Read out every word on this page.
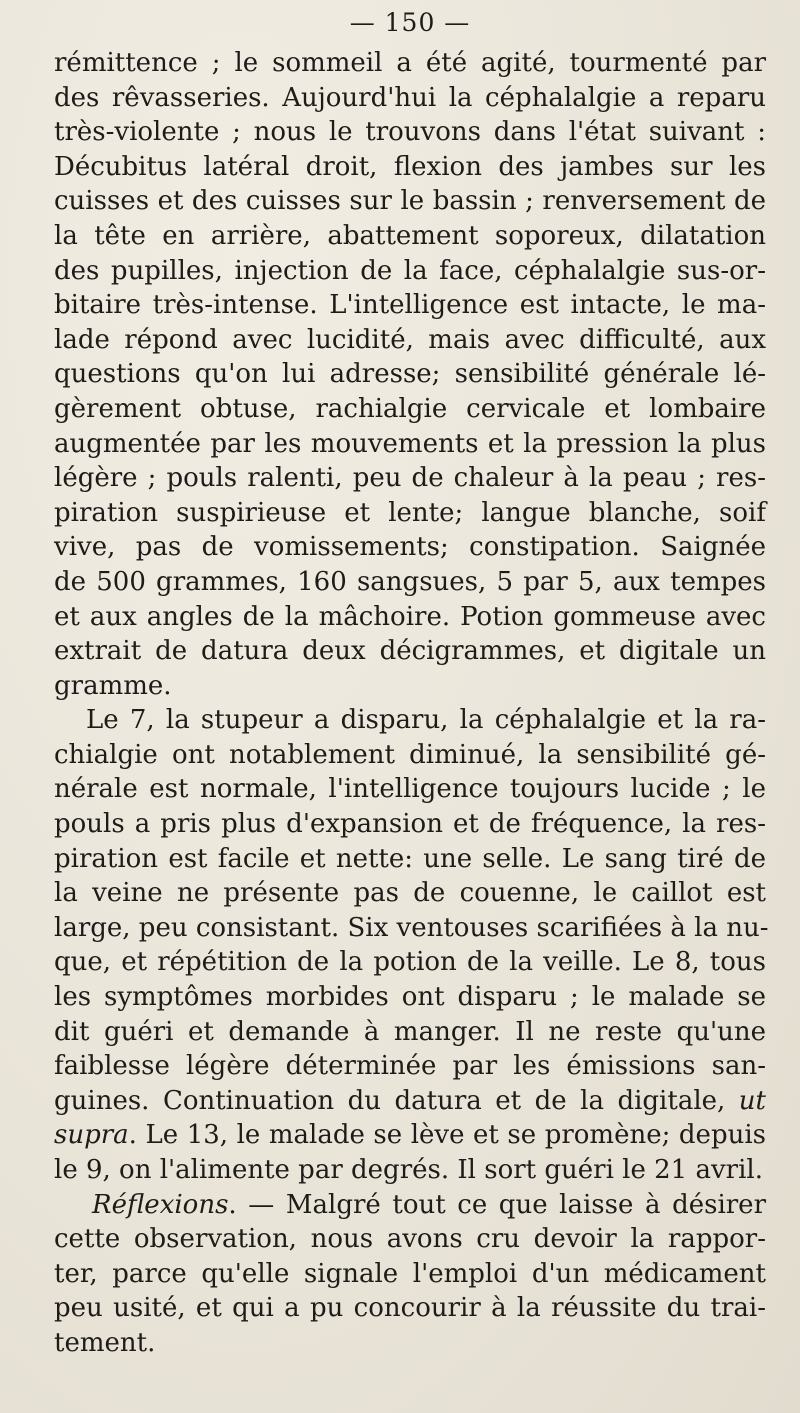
— 150 —
rémittence ; le sommeil a été agité, tourmenté par
des rêvasseries. Aujourd'hui la céphalalgie a reparu
très-violente ; nous le trouvons dans l'état suivant :
Décubitus latéral droit, flexion des jambes sur les
cuisses et des cuisses sur le bassin ; renversement de
la tête en arrière, abattement soporeux, dilatation
des pupilles, injection de la face, céphalalgie sus-or-
bitaire très-intense. L'intelligence est intacte, le ma-
lade répond avec lucidité, mais avec difficulté, aux
questions qu'on lui adresse; sensibilité générale lé-
gèrement obtuse, rachialgie cervicale et lombaire
augmentée par les mouvements et la pression la plus
légère ; pouls ralenti, peu de chaleur à la peau ; res-
piration suspirieuse et lente; langue blanche, soif
vive, pas de vomissements; constipation. Saignée
de 500 grammes, 160 sangsues, 5 par 5, aux tempes
et aux angles de la mâchoire. Potion gommeuse avec
extrait de datura deux décigrammes, et digitale un
gramme.
Le 7, la stupeur a disparu, la céphalalgie et la ra-
chialgie ont notablement diminué, la sensibilité gé-
nérale est normale, l'intelligence toujours lucide ; le
pouls a pris plus d'expansion et de fréquence, la res-
piration est facile et nette: une selle. Le sang tiré de
la veine ne présente pas de couenne, le caillot est
large, peu consistant. Six ventouses scarifiées à la nu-
que, et répétition de la potion de la veille. Le 8, tous
les symptômes morbides ont disparu ; le malade se
dit guéri et demande à manger. Il ne reste qu'une
faiblesse légère déterminée par les émissions san-
guines. Continuation du datura et de la digitale, ut
supra. Le 13, le malade se lève et se promène; depuis
le 9, on l'alimente par degrés. Il sort guéri le 21 avril.
Réflexions. — Malgré tout ce que laisse à désirer
cette observation, nous avons cru devoir la rappor-
ter, parce qu'elle signale l'emploi d'un médicament
peu usité, et qui a pu concourir à la réussite du trai-
tement.
